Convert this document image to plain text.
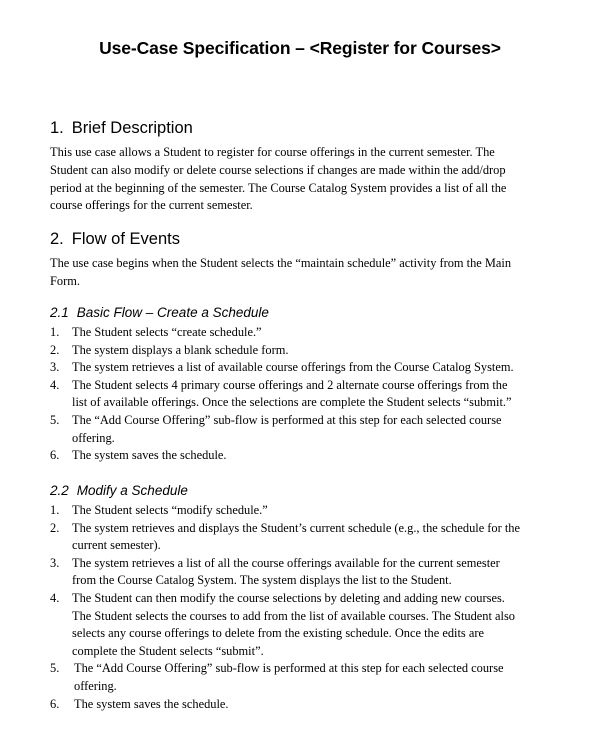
Use-Case Specification – <Register for Courses>
1. Brief Description
This use case allows a Student to register for course offerings in the current semester. The
Student can also modify or delete course selections if changes are made within the add/drop
period at the beginning of the semester. The Course Catalog System provides a list of all the
course offerings for the current semester.
2. Flow of Events
The use case begins when the Student selects the “maintain schedule” activity from the Main
Form.
2.1 Basic Flow – Create a Schedule
1. The Student selects “create schedule.”
2. The system displays a blank schedule form.
3. The system retrieves a list of available course offerings from the Course Catalog System.
4. The Student selects 4 primary course offerings and 2 alternate course offerings from the
list of available offerings. Once the selections are complete the Student selects “submit.”
5. The “Add Course Offering” sub-flow is performed at this step for each selected course
offering.
6. The system saves the schedule.
2.2 Modify a Schedule
1. The Student selects “modify schedule.”
2. The system retrieves and displays the Student’s current schedule (e.g., the schedule for the
current semester).
3. The system retrieves a list of all the course offerings available for the current semester
from the Course Catalog System. The system displays the list to the Student.
4. The Student can then modify the course selections by deleting and adding new courses.
The Student selects the courses to add from the list of available courses. The Student also
selects any course offerings to delete from the existing schedule. Once the edits are
complete the Student selects “submit”.
5. The “Add Course Offering” sub-flow is performed at this step for each selected course
offering.
6. The system saves the schedule.
